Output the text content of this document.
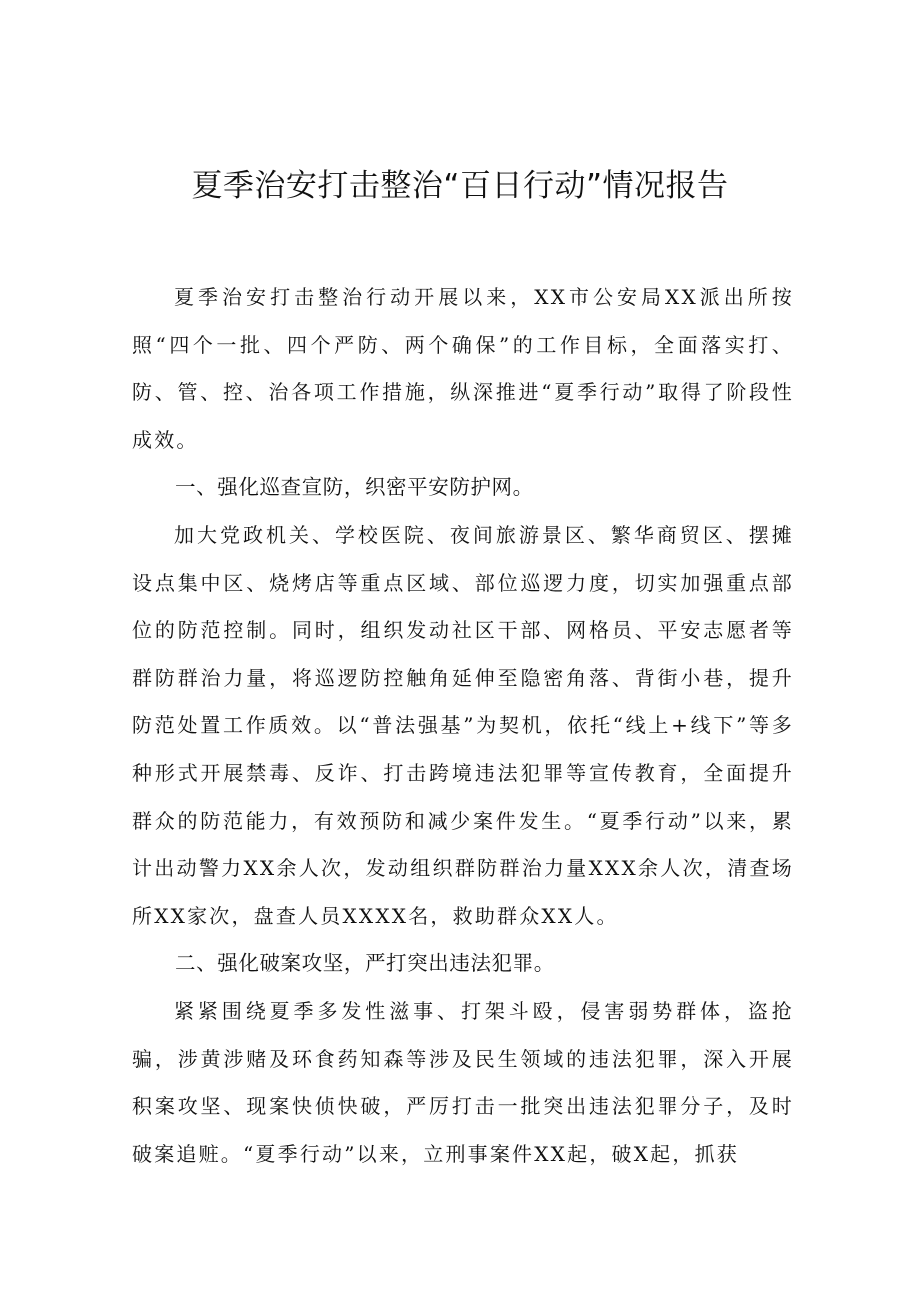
夏季治安打击整治“百日行动”情况报告

夏季治安打击整治行动开展以来，XX市公安局XX派出所按照“四个一批、四个严防、两个确保”的工作目标，全面落实打、防、管、控、治各项工作措施，纵深推进“夏季行动”取得了阶段性成效。

一、强化巡查宣防，织密平安防护网。

加大党政机关、学校医院、夜间旅游景区、繁华商贸区、摆摊设点集中区、烧烤店等重点区域、部位巡逻力度，切实加强重点部位的防范控制。同时，组织发动社区干部、网格员、平安志愿者等群防群治力量，将巡逻防控触角延伸至隐密角落、背街小巷，提升防范处置工作质效。以“普法强基”为契机，依托“线上+线下”等多种形式开展禁毒、反诈、打击跨境违法犯罪等宣传教育，全面提升群众的防范能力，有效预防和减少案件发生。“夏季行动”以来，累计出动警力XX余人次，发动组织群防群治力量XXX余人次，清查场所XX家次，盘查人员XXXX名，救助群众XX人。

二、强化破案攻坚，严打突出违法犯罪。

紧紧围绕夏季多发性滋事、打架斗殴，侵害弱势群体，盗抢骗，涉黄涉赌及环食药知森等涉及民生领域的违法犯罪，深入开展积案攻坚、现案快侦快破，严厉打击一批突出违法犯罪分子，及时破案追赃。“夏季行动”以来，立刑事案件XX起，破X起，抓获
